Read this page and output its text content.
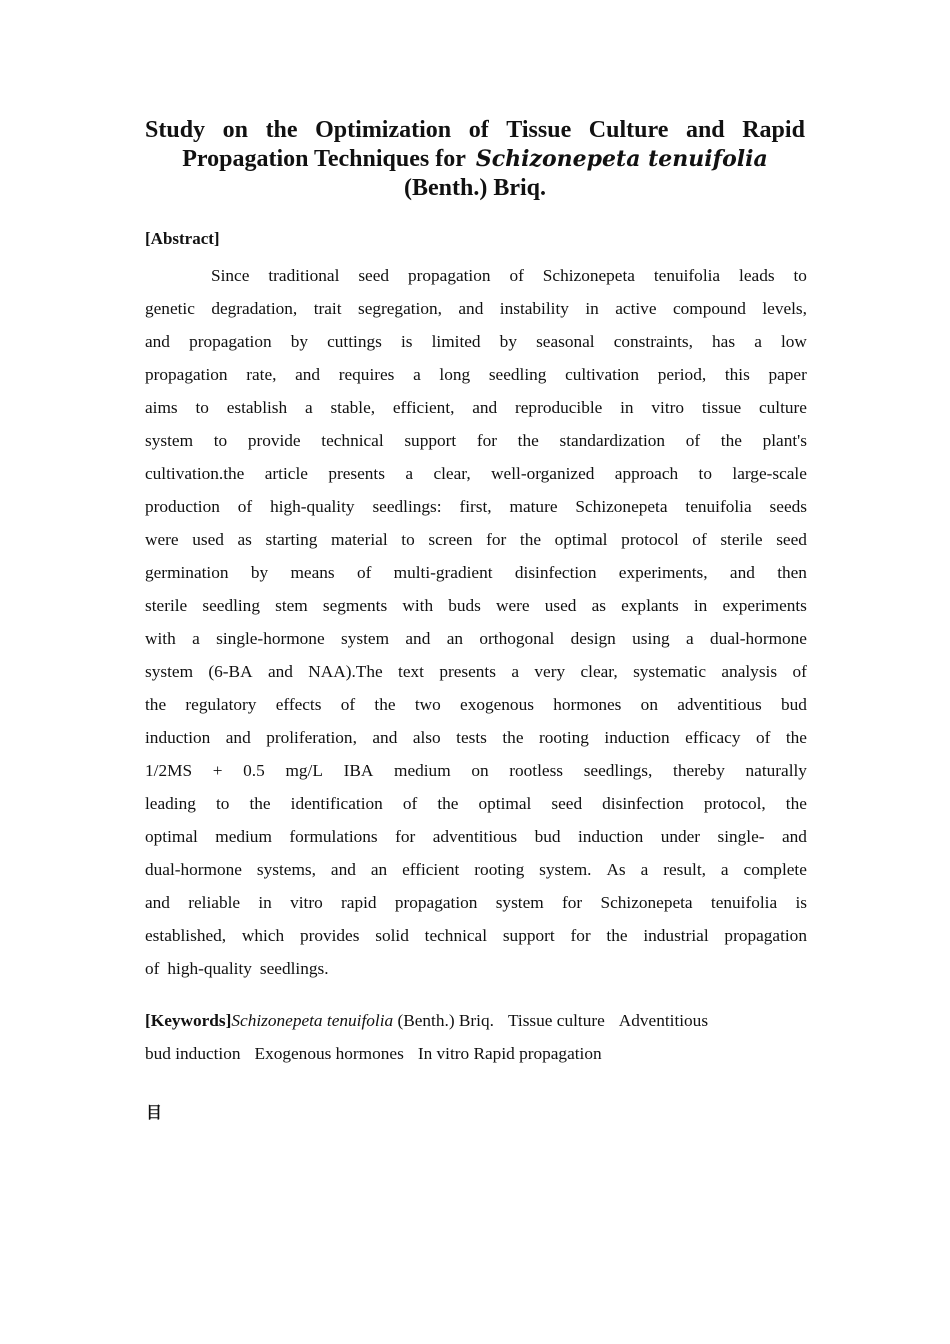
Study on the Optimization of Tissue Culture and Rapid
Propagation Techniques for Schizonepeta tenuifolia
(Benth.) Briq.
[Abstract]
Since traditional seed propagation of Schizonepeta tenuifolia leads to
genetic degradation, trait segregation, and instability in active compound levels,
and propagation by cuttings is limited by seasonal constraints, has a low
propagation rate, and requires a long seedling cultivation period, this paper
aims to establish a stable, efficient, and reproducible in vitro tissue culture
system to provide technical support for the standardization of the plant's
cultivation.the article presents a clear, well-organized approach to large-scale
production of high-quality seedlings: first, mature Schizonepeta tenuifolia seeds
were used as starting material to screen for the optimal protocol of sterile seed
germination by means of multi-gradient disinfection experiments, and then
sterile seedling stem segments with buds were used as explants in experiments
with a single-hormone system and an orthogonal design using a dual-hormone
system (6-BA and NAA).The text presents a very clear, systematic analysis of
the regulatory effects of the two exogenous hormones on adventitious bud
induction and proliferation, and also tests the rooting induction efficacy of the
1/2MS + 0.5 mg/L IBA medium on rootless seedlings, thereby naturally
leading to the identification of the optimal seed disinfection protocol, the
optimal medium formulations for adventitious bud induction under single- and
dual-hormone systems, and an efficient rooting system. As a result, a complete
and reliable in vitro rapid propagation system for Schizonepeta tenuifolia is
established, which provides solid technical support for the industrial propagation
of high-quality seedlings.
[Keywords]Schizonepeta tenuifolia (Benth.) Briq. Tissue culture Adventitious
bud induction Exogenous hormones In vitro Rapid propagation
目
